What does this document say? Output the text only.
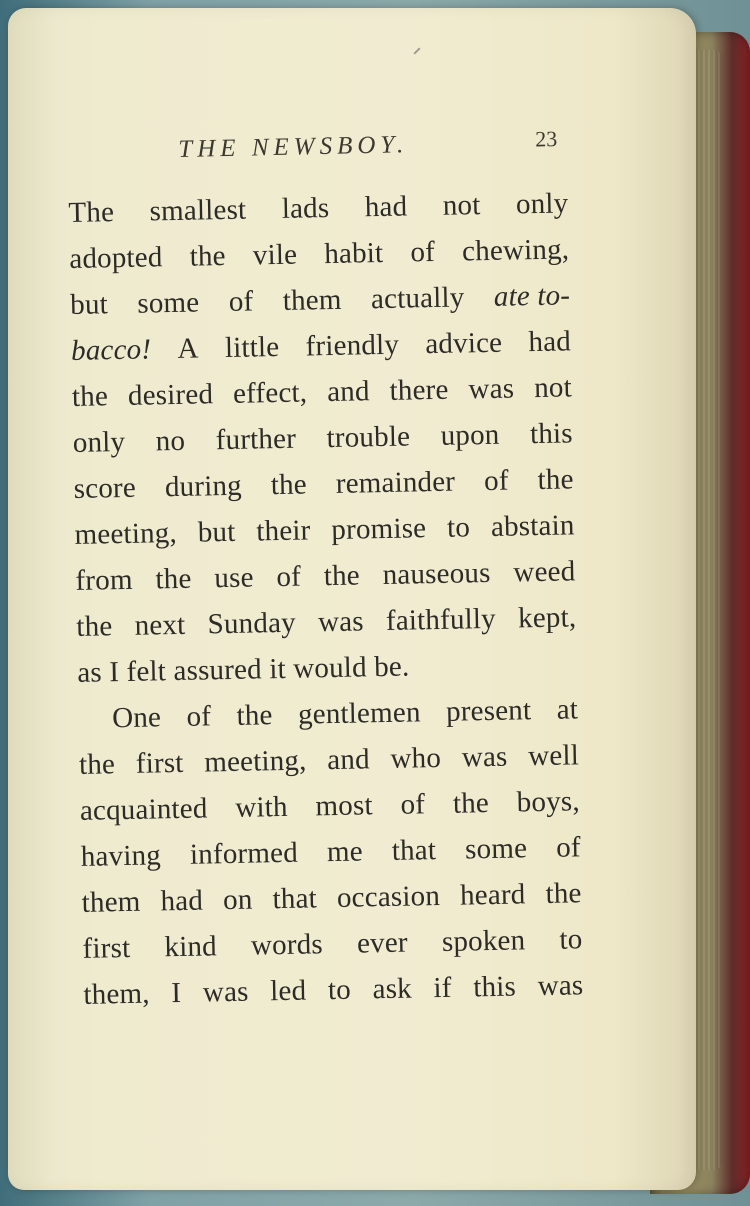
THE NEWSBOY.	23
The smallest lads had not only
adopted the vile habit of chewing,
but some of them actually ate to-
bacco! A little friendly advice had
the desired effect, and there was not
only no further trouble upon this
score during the remainder of the
meeting, but their promise to abstain
from the use of the nauseous weed
the next Sunday was faithfully kept,
as I felt assured it would be.
One of the gentlemen present at
the first meeting, and who was well
acquainted with most of the boys,
having informed me that some of
them had on that occasion heard the
first kind words ever spoken to
them, I was led to ask if this was
